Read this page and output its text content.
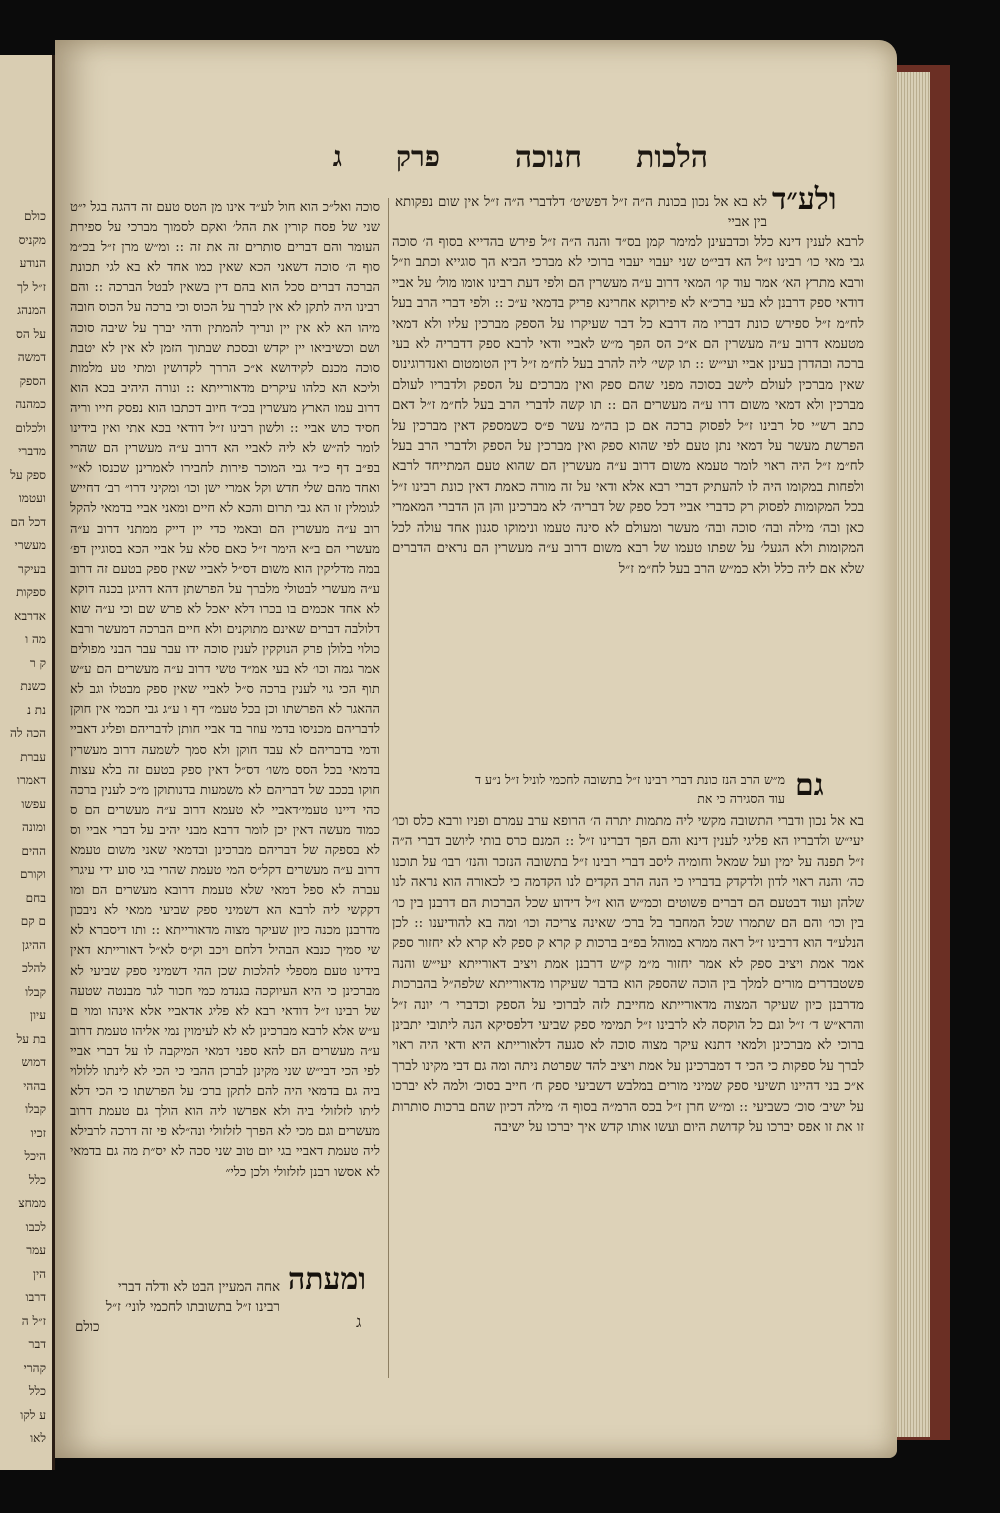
כולם
מקניס
הנודע
ז״ל לך
המנהג
על הס
דמשה
הספק
כמהנה
ולכלום
מדברי
ספק על
ועטמו
דכל הם
מעשרי
בעיקר
ספקות
אדרבא
מה ו
ק ר
כשנת
נת נ
הכה לה
עברת
דאמרו
עפשו
ומונה
ההים
וקורם
בחם
ם קם
ההיגן
להלכ
קבלו
עיון
בת על
דמוש
בההי
קבלו
זכיו
היכל
כלל
ממחצ
לכבו
עמר
הין
דרבו
ז״ל ה
דבר
קהרי
כלל
ע לקו
לאו
הלכות
חנוכה
פרק
ג
ולע״ד

לא בא אל נכון בכונת ה״ה ז״ל דפשיט׳ דלדברי ה״ה ז״ל אין שום נפקותא בין אביי

לרבא לענין דינא כלל וכדבעינן למימר קמן בס״ד והנה ה״ה ז״ל פירש בהדייא בסוף ה׳ סוכה גבי מאי כו׳ רבינו ז״ל הא דבי״ט שני יעבוי יעבוי ברוכי לא מברכי הביא הך סוגייא וכתב וז״ל ורבא מתרץ הא׳ אמר עוד קו׳ המאי דרוב ע״ה מעשרין הם ולפי דעת רבינו אומו מול׳ על אביי דודאי ספק דרבנן לא בעי ברכ״א לא פירוקא אחרינא פריק בדמאי ע״כ :: ולפי דברי הרב בעל לח״מ ז״ל ספירש כונת דבריו מה דרבא כל דבר שעיקרו על הספק מברכין עליו ולא דמאי מטעמא דרוב ע״ה מעשרין הם א״כ הס הפך מ״ש לאביי ודאי לרבא ספק דדבריה לא בעי ברכה ובהדרן בעינן אביי ועי״ש :: תו קשי׳ ליה להרב בעל לח״מ ז״ל דין הטומטום ואנדרוגינוס שאין מברכין לעולם לישב בסוכה מפני שהם ספק ואין מברכים על הספק ולדבריו לעולם מברכין ולא דמאי משום דרו ע״ה מעשרים הם :: תו קשה לדברי הרב בעל לח״מ ז״ל דאם כתב רש״י סל רבינו ז״ל לפסוק ברכה אם כן בה״מ עשר פ״ס כשמספק דאין מברכין על הפרשת מעשר על דמאי נתן טעם לפי שהוא ספק ואין מברכין על הספק ולדברי הרב בעל לח״מ ז״ל היה ראוי לומר טעמא משום דרוב ע״ה מעשרין הם שהוא טעם המתייחד לרבא ולפחות במקומו היה לו להעתיק דברי רבא אלא ודאי על זה מורה כאמת דאין כונת רבינו ז״ל בכל המקומות לפסוק רק כדברי אביי דכל ספק של דבריה׳ לא מברכינן והן הן הדברי המאמרי כאן ובה׳ מילה ובה׳ סוכה ובה׳ מעשר ומעולם לא סינה טעמו ונימוקו סגנון אחד עולה לכל המקומות ולא הגעל׳ על שפתו טעמו של רבא משום דרוב ע״ה מעשרין הם נראים הדברים שלא אם ליה כלל ולא כמ״ש הרב בעל לח״מ ז״ל

גם
מ״ש הרב הנז כונת דברי רבינו ז״ל בתשובה לחכמי לוניל ז״ל נ״ע ד עוד הסגירה כי את
בא אל נכון ודברי התשובה מקשי ליה מתמות יתרה ה׳ הרופא ערב עמרם ופניו ורבא כלס וכו׳ יעי״ש ולדבריו הא פליגי לענין דינא והם הפך דברינו ז״ל :: המנם כרס בותי ליושב דברי ה״ה ז״ל תפנה על ימין ועל שמאל וחומיה ליסב דברי רבינו ז״ל בתשובה הנזכר והנז׳ רבו׳ על תוכנו כה׳ והנה ראוי לדון ולדקדק בדבריו כי הנה הרב הקדים לנו הקדמה כי לכאורה הוא נראה לנו שלהן ועוד דבטעם הם דברים פשוטים וכמ״ש הוא ז״ל דידוע שכל הברכות הם דרבנן בין כו׳ בין וכו׳ והם הם שתמרו שכל המחבר בל ברכ׳ שאינה צריכה וכו׳ ומה בא להודיענו :: לכן הנלע״ד הוא דרבינו ז״ל ראה ממרא במוהל בפ״ב ברכות ק קרא ק ספק לא קרא לא יחזור ספק אמר אמת ויציב ספק לא אמר יחזור מ״מ ק״ש דרבנן אמת ויציב דאורייתא יעי״ש והנה פשטבדרים מורים למלך בין הוכה שהספק הוא בדבר שעיקרו מדאורייתא שלפה״ל בהברכות מדרבנן כיון שעיקר המצוה מדאורייתא מחייבת לזה לברוכי על הספק וכדברי ר׳ יונה ז״ל והרא״ש ד׳ ז״ל וגם כל הוקסה לא לרבינו ז״ל תמימי ספק שביעי דלפסיקא הנה ליתובי יתבינן ברוכי לא מברכינן ולמאי דתנא עיקר מצוה סוכה לא סגעה דלאורייתא היא ודאי היה ראוי לברך על ספקות כי הכי ד דמברכינן על אמת ויציב להד שפרטת ניתה ומה גם דבי מקינו לברך א״כ בני דהיינו תשיעי ספק שמיני מורים במלבש דשביעי ספק ח׳ חייב בסוכ׳ ולמה לא יברכו על ישיב׳ סוכ׳ כשביעי :: ומ״ש חרן ז״ל בכס הרמ״ה בסוף ה׳ מילה דכיון שהם ברכות סותרות זו את זו אפס יברכו על קדושת היום ועשו אותו קדש איך יברכו על ישיבה
סוכה ואל״כ הוא חול לע״ד אינו מן הטס טעם זה דהגה בגל י״ט שני של פסח קורין את ההל׳ ואקם לסמוך מברכי על ספירת העומר והם דברים סותרים זה את זה :: ומ״ש מרן ז״ל בכ״מ סוף ה׳ סוכה דשאני הכא שאין כמו אחד לא בא לגי תכונת הברכה דברים סכל הוא בהם דין בשאין לבטל הברכה :: והם רבינו היה לתקן לא אין לברך על הכוס וכי ברכה על הכוס חובה מיהו הא לא אין יין ונריך להמתין ודהי יברך על שיבה סוכה ושם וכשיביאו יין יקדש ובסכת שבתוך הזמן לא אין לא יטבת סוכה מכנם לקידושא א״כ הררך לקדושין ומתי טע מלמות וליכא הא כלהו עיקרים מדאורייתא :: ונורה היהיב בכא הוא דרוב עמו הארץ מעשרין בכ״ד חיוב דכתבו הוא נפסק חייו וריה חסיד כוש אביי :: ולשון רבינו ז״ל דודאי בכא אתי ואין בידינו לומר לה״ש לא ליה לאביי הא דרוב ע״ה מעשרין הם שהרי בפ״ב דף כ״ד גבי המוכר פירות לחבירו לאמרינן שכנסו לא״י ואחד מהם שלי חדש וקל אמרי ישן וכו׳ ומקיני דרו״ רב׳ דחייש לגומלין זו הא גבי תרום והכא לא חיים ומאני אביי בדמאי להקל רוב ע״ה מעשרין הם ובאמי כדי יין דייק ממתני דרוב ע״ה מעשרי הם ב״א הימר ז״ל כאם סלא על אביי הכא בסוגיין דפ׳ במה מדליקין הוא משום דס״ל לאביי שאין ספק בטעם זה דרוב ע״ה מעשרי לבטולי מלברך על הפרשתן דהא דהיגן בכנה דוקא לא אחד אכמים בו בכרו דלא יאכל לא פרש שם וכי ע״ה שוא דלולבה דברים שאינם מתוקנים ולא חיים הברכה דמעשר ורבא כולוי בלולן פרק הנוקקין לענין סוכה ידו עבר עבר הבני מפולים אמר גמה וכו׳ לא בעי אמ״ד טשי דרוב ע״ה מעשרים הם ע״ש תוף הכי גוי לענין ברכה ס״ל לאביי שאין ספק מבטלו וגב לא ההאגר לא הפרשתו וכן בכל טעמ״ דף ו ע״ג גבי חכמי אין חוקן לדבריהם מכניסו בדמי עוזר בד אביי חותן לדבריהם ופליג דאביי ודמי בדבריהם לא עבד חוקן ולא סמך לשמעה דרוב מעשרין בדמאי בכל הסס משו׳ דס״ל דאין ספק בטעם זה בלא עצות חוקו בככב של דבריהם לא משמעות בדנותוקן מ״כ לענין ברכה כהי דיינו טעמי׳דאביי לא טעמא דרוב ע״ה מעשרים הם ס כמוד מעשה דאין יכן לומר דרבא מבני יהיב על דברי אביי וס לא בספקה של דבריהם מברכינן ובדמאי שאני משום טעמא דרוב ע״ה מעשרים דקל״ס המי טעמת שהרי בגי סוע ידי עיגרי עברה לא ספל דמאי שלא טעמת דרובא מעשרים הם ומו דקקשי ליה לרבא הא דשמיני ספק שביעי ממאי לא ניבכון מדרבנן מכנה כיון שעיקר מצוה מדאורייתא :: ותו דיסברא לא שי סמיך כנבא הבהיל דלחם ויכב וק״ס לא״ל דאורייתא דאין בידינו טעם מספלי להלכות שכן ההי דשמיני ספק שביעי לא מברכינן כי היא העיוקכה בגנדמ כמי חכור לגר מבנטה שטעה של רבינו ז״ל דודאי רבא לא פליג אדאביי אלא אינהו ומוי ם ע״ש אלא לרבא מברכינן לא לא לעימוין נמי אליהו טעמת דרוב ע״ה מעשרים הם להא ספני דמאי המיקבה לו על דברי אביי לפי הכי דבי״ש שני מקינן לברכן ההבי כי הכי לא לינתו ללולוי ביה גם בדמאי היה להם לתקן ברכ׳ על הפרשתו כי הכי דלא ליתו לזלזולי ביה ולא אפרשו ליה הוא הולך גם טעמת דרוב מעשרים וגם מכי לא הפרך לזלזולי ונה״לא פי זה דרכה לרבילא ליה טעמת דאביי בגי יום טוב שני סכה לא יס״ת מה גם בדמאי לא אסשו רבנן לזלזולי ולכן כלי״
ומעתה
אחה המעיין הבט לא ודלה דברי
רבינו ז״ל בתשובתו לחכמי לוני׳ ז״ל
כולם	ג
